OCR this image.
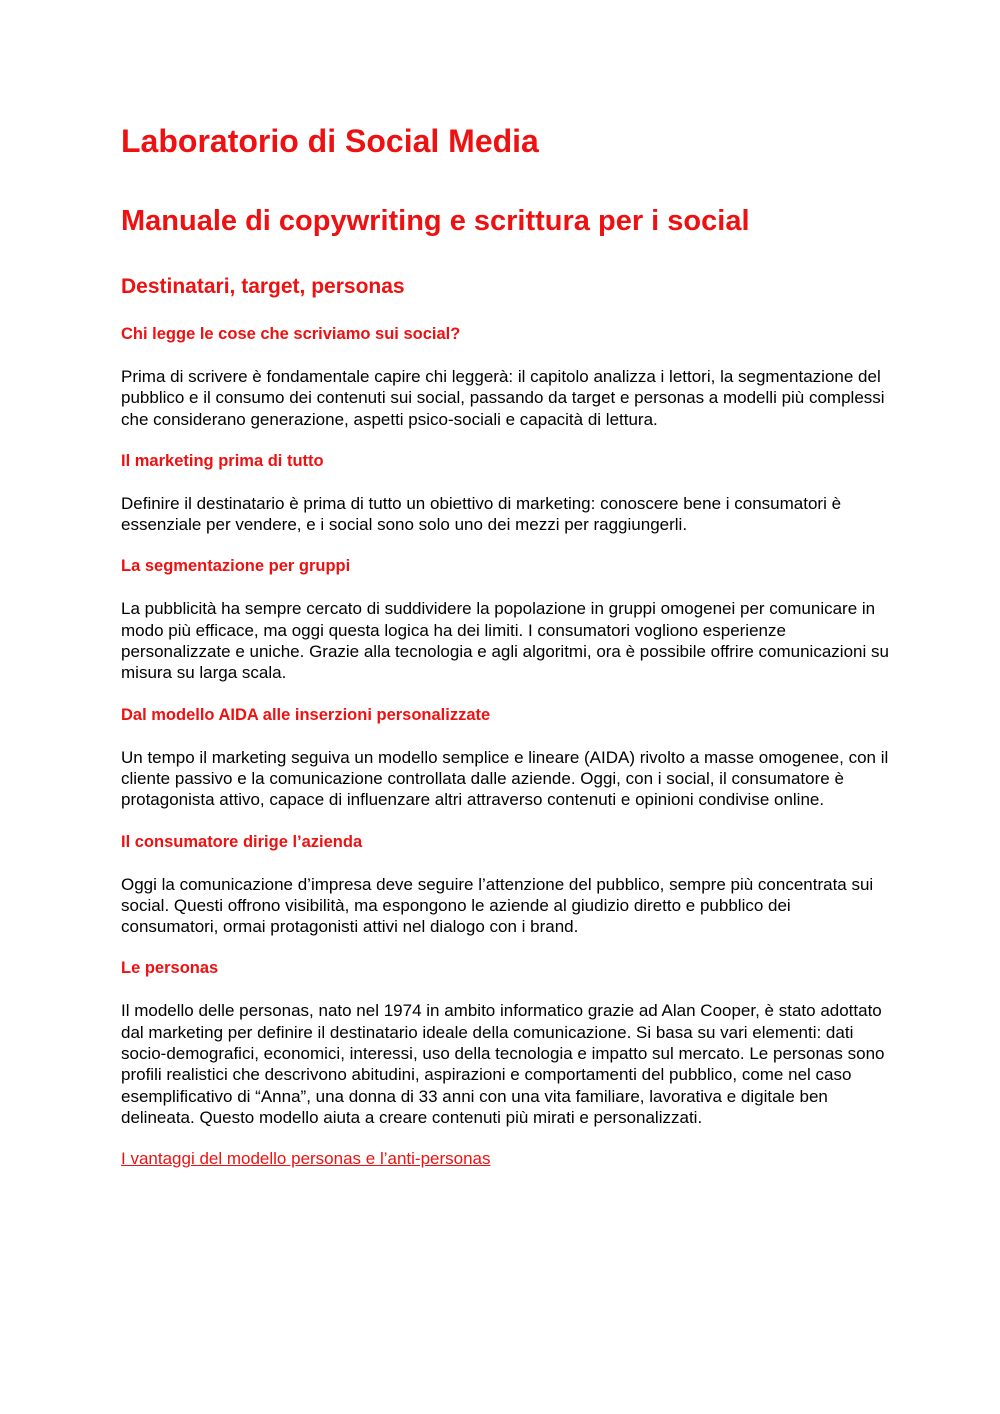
Laboratorio di Social Media
Manuale di copywriting e scrittura per i social
Destinatari, target, personas
Chi legge le cose che scriviamo sui social?

Prima di scrivere è fondamentale capire chi leggerà: il capitolo analizza i lettori, la segmentazione del pubblico e il consumo dei contenuti sui social, passando da target e personas a modelli più complessi che considerano generazione, aspetti psico-sociali e capacità di lettura.

Il marketing prima di tutto

Definire il destinatario è prima di tutto un obiettivo di marketing: conoscere bene i consumatori è essenziale per vendere, e i social sono solo uno dei mezzi per raggiungerli.

La segmentazione per gruppi

La pubblicità ha sempre cercato di suddividere la popolazione in gruppi omogenei per comunicare in modo più efficace, ma oggi questa logica ha dei limiti. I consumatori vogliono esperienze personalizzate e uniche. Grazie alla tecnologia e agli algoritmi, ora è possibile offrire comunicazioni su misura su larga scala.

Dal modello AIDA alle inserzioni personalizzate

Un tempo il marketing seguiva un modello semplice e lineare (AIDA) rivolto a masse omogenee, con il cliente passivo e la comunicazione controllata dalle aziende. Oggi, con i social, il consumatore è protagonista attivo, capace di influenzare altri attraverso contenuti e opinioni condivise online.

Il consumatore dirige l’azienda

Oggi la comunicazione d’impresa deve seguire l’attenzione del pubblico, sempre più concentrata sui social. Questi offrono visibilità, ma espongono le aziende al giudizio diretto e pubblico dei consumatori, ormai protagonisti attivi nel dialogo con i brand.

Le personas

Il modello delle personas, nato nel 1974 in ambito informatico grazie ad Alan Cooper, è stato adottato dal marketing per definire il destinatario ideale della comunicazione. Si basa su vari elementi: dati socio-demografici, economici, interessi, uso della tecnologia e impatto sul mercato. Le personas sono profili realistici che descrivono abitudini, aspirazioni e comportamenti del pubblico, come nel caso esemplificativo di “Anna”, una donna di 33 anni con una vita familiare, lavorativa e digitale ben delineata. Questo modello aiuta a creare contenuti più mirati e personalizzati.

I vantaggi del modello personas e l’anti-personas
